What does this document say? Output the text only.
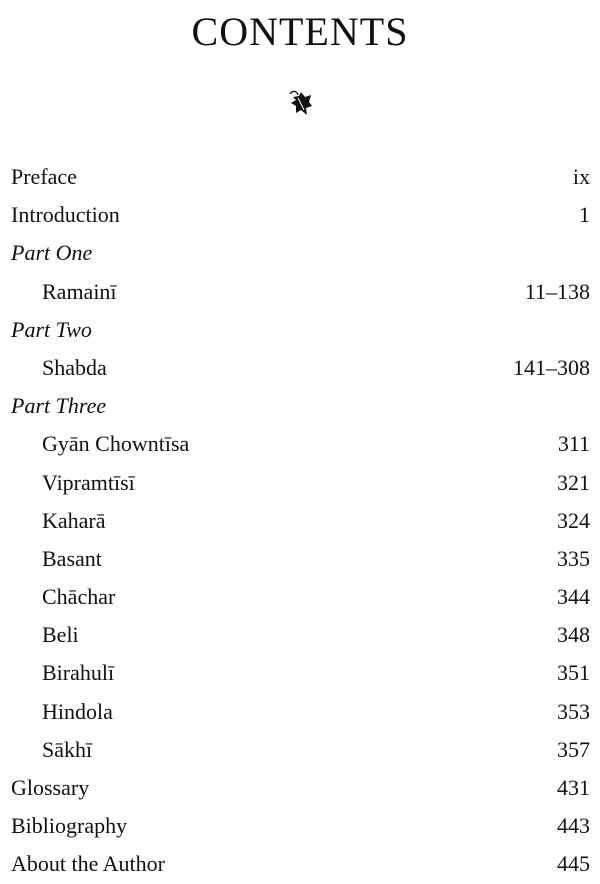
CONTENTS
Preface	ix
Introduction	1
Part One
Ramainī	11–138
Part Two
Shabda	141–308
Part Three
Gyān Chowntīsa	311
Vipramtīsī	321
Kaharā	324
Basant	335
Chāchar	344
Beli	348
Birahulī	351
Hindola	353
Sākhī	357
Glossary	431
Bibliography	443
About the Author	445
